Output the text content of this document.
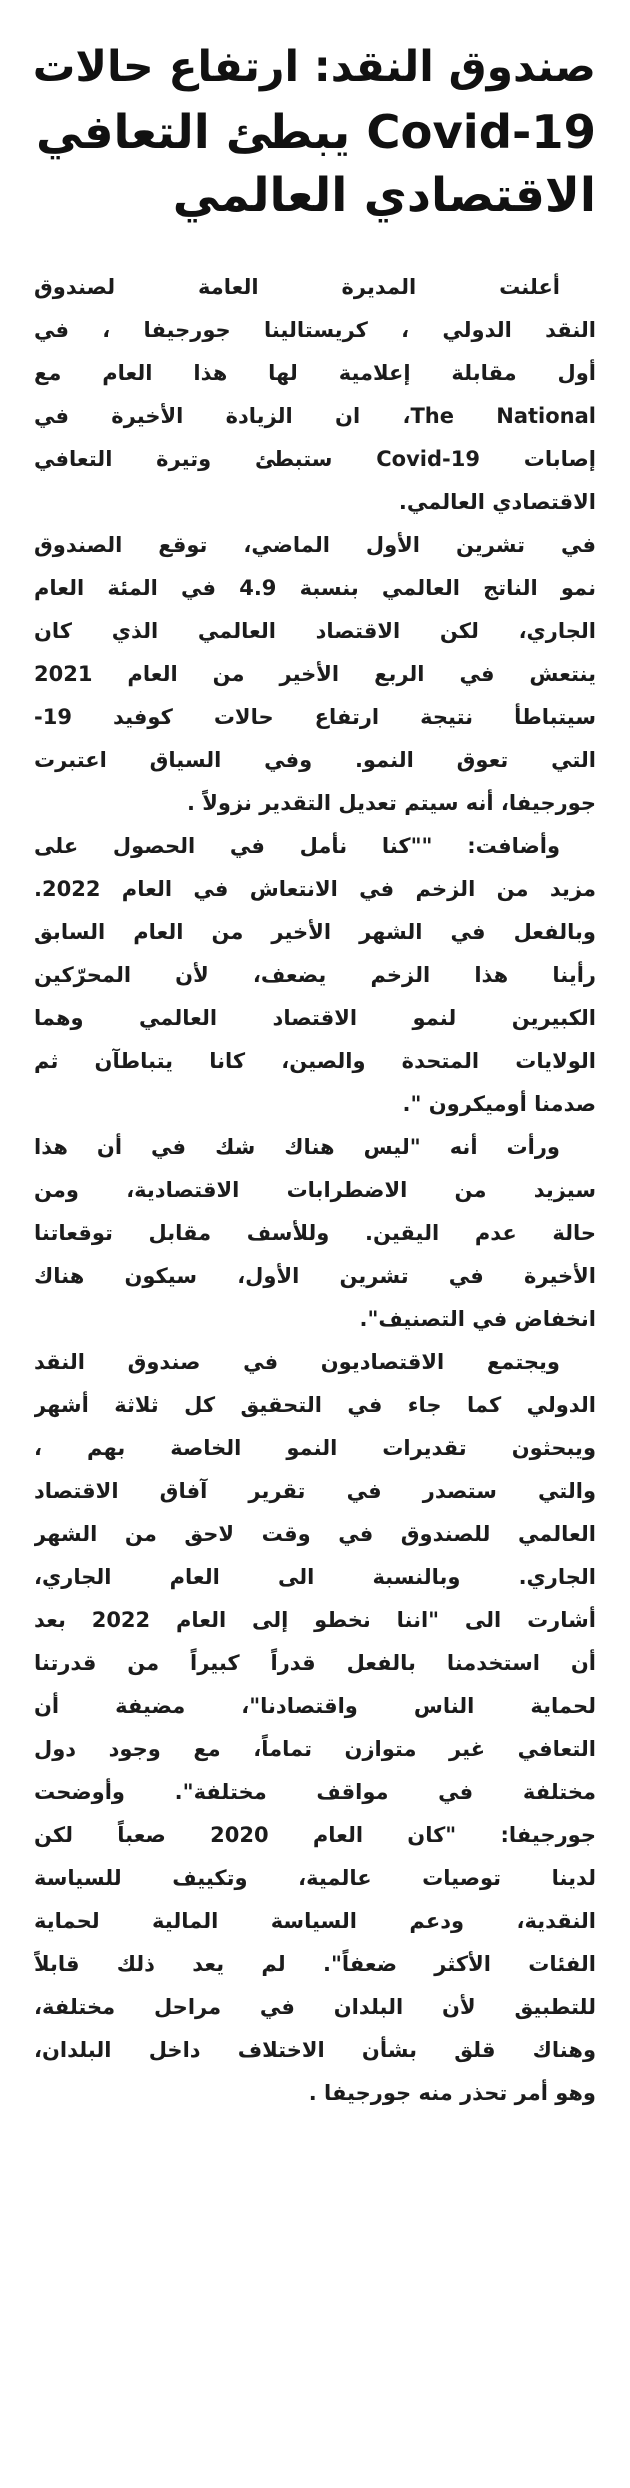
صندوق النقد: ارتفاع حالات
Covid-19 يبطئ التعافي
الاقتصادي العالمي
أعلنت المديرة العامة لصندوق
النقد الدولي ، كريستالينا جورجيفا ، في
أول مقابلة إعلامية لها هذا العام مع
The National، ان الزيادة الأخيرة في
إصابات Covid-19 ستبطئ وتيرة التعافي
الاقتصادي العالمي.
في تشرين الأول الماضي، توقع الصندوق
نمو الناتج العالمي بنسبة 4.9 في المئة العام
الجاري، لكن الاقتصاد العالمي الذي كان
ينتعش في الربع الأخير من العام 2021
سيتباطأ نتيجة ارتفاع حالات كوفيد 19-
التي تعوق النمو. وفي السياق اعتبرت
جورجيفا، أنه سيتم تعديل التقدير نزولاً .
وأضافت: ""كنا نأمل في الحصول على
مزيد من الزخم في الانتعاش في العام 2022.
وبالفعل في الشهر الأخير من العام السابق
رأينا هذا الزخم يضعف، لأن المحرّكين
الكبيرين لنمو الاقتصاد العالمي وهما
الولايات المتحدة والصين، كانا يتباطآن ثم
صدمنا أوميكرون ".
ورأت أنه "ليس هناك شك في أن هذا
سيزيد من الاضطرابات الاقتصادية، ومن
حالة عدم اليقين. وللأسف مقابل توقعاتنا
الأخيرة في تشرين الأول، سيكون هناك
انخفاض في التصنيف".
ويجتمع الاقتصاديون في صندوق النقد
الدولي كما جاء في التحقيق كل ثلاثة أشهر
ويبحثون تقديرات النمو الخاصة بهم ،
والتي ستصدر في تقرير آفاق الاقتصاد
العالمي للصندوق في وقت لاحق من الشهر
الجاري. وبالنسبة الى العام الجاري،
أشارت الى "اننا نخطو إلى العام 2022 بعد
أن استخدمنا بالفعل قدراً كبيراً من قدرتنا
لحماية الناس واقتصادنا"، مضيفة أن
التعافي غير متوازن تماماً، مع وجود دول
مختلفة في مواقف مختلفة". وأوضحت
جورجيفا: "كان العام 2020 صعباً لكن
لدينا توصيات عالمية، وتكييف للسياسة
النقدية، ودعم السياسة المالية لحماية
الفئات الأكثر ضعفاً". لم يعد ذلك قابلاً
للتطبيق لأن البلدان في مراحل مختلفة،
وهناك قلق بشأن الاختلاف داخل البلدان،
وهو أمر تحذر منه جورجيفا .
